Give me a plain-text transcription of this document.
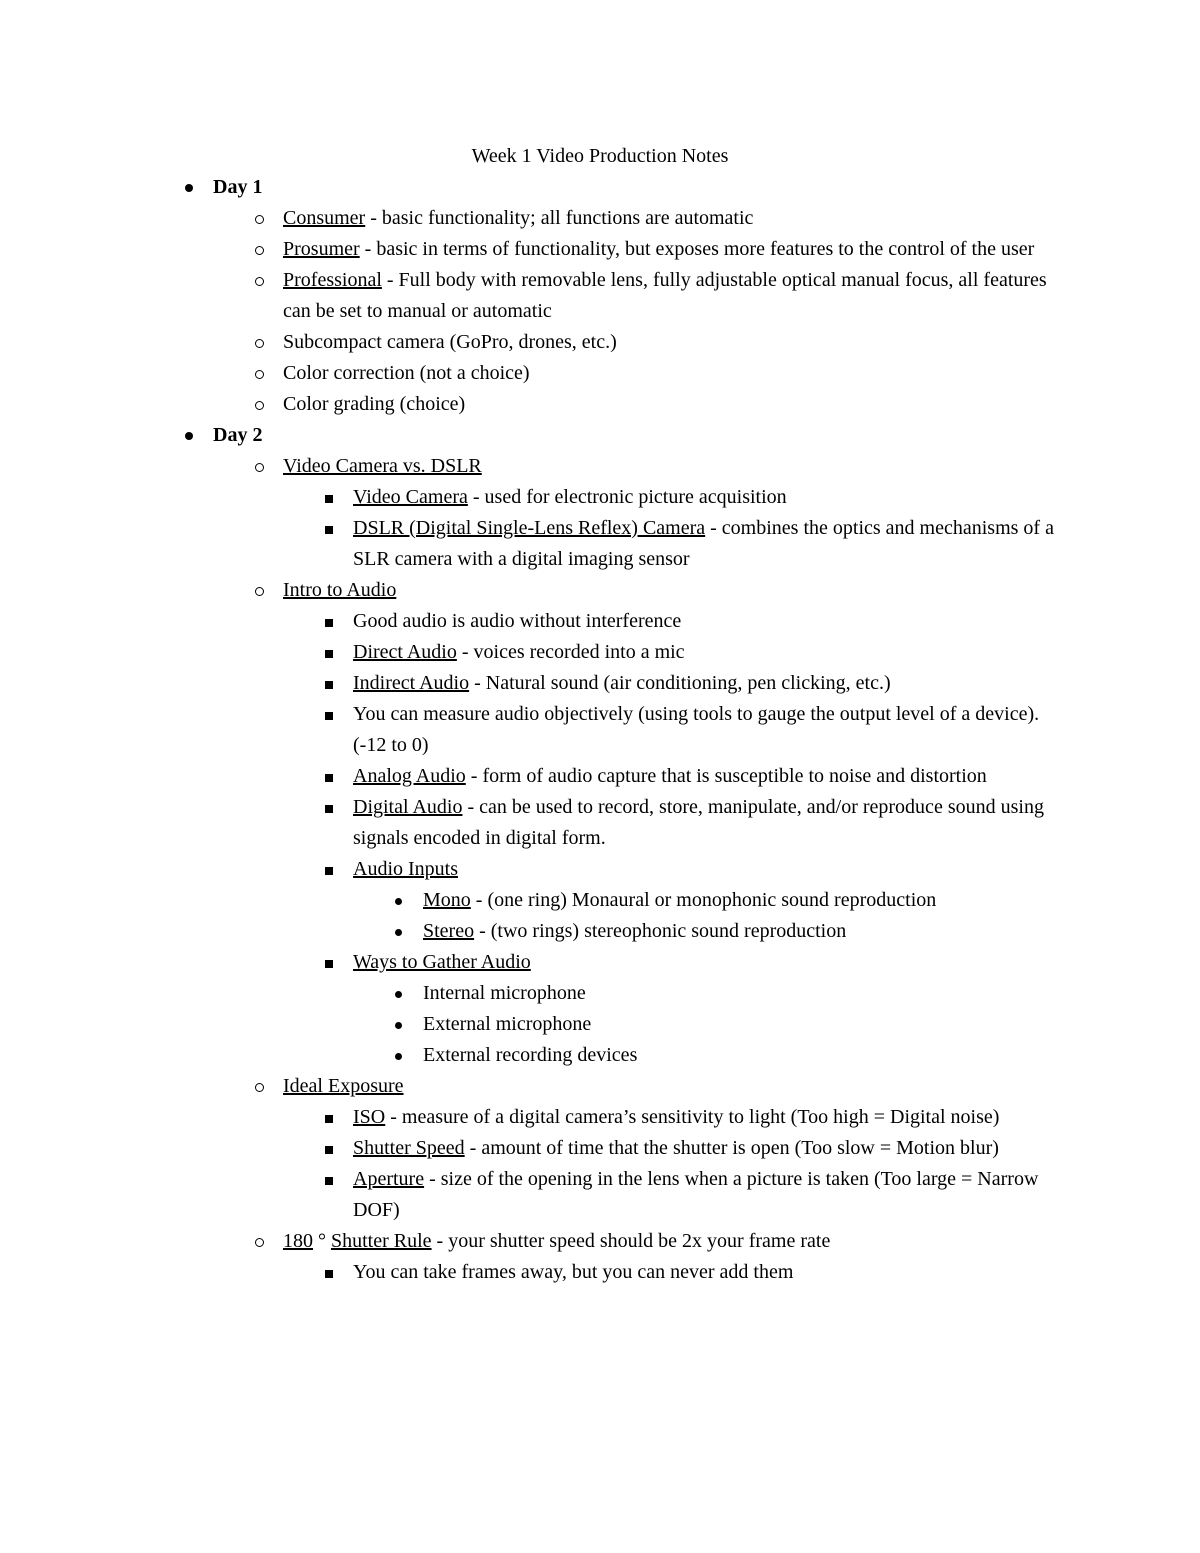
Week 1 Video Production Notes
Day 1
Consumer - basic functionality; all functions are automatic
Prosumer - basic in terms of functionality, but exposes more features to the control of the user
Professional - Full body with removable lens, fully adjustable optical manual focus, all features can be set to manual or automatic
Subcompact camera (GoPro, drones, etc.)
Color correction (not a choice)
Color grading (choice)
Day 2
Video Camera vs. DSLR
Video Camera - used for electronic picture acquisition
DSLR (Digital Single-Lens Reflex) Camera - combines the optics and mechanisms of a SLR camera with a digital imaging sensor
Intro to Audio
Good audio is audio without interference
Direct Audio - voices recorded into a mic
Indirect Audio - Natural sound (air conditioning, pen clicking, etc.)
You can measure audio objectively (using tools to gauge the output level of a device). (-12 to 0)
Analog Audio - form of audio capture that is susceptible to noise and distortion
Digital Audio - can be used to record, store, manipulate, and/or reproduce sound using signals encoded in digital form.
Audio Inputs
Mono - (one ring) Monaural or monophonic sound reproduction
Stereo - (two rings) stereophonic sound reproduction
Ways to Gather Audio
Internal microphone
External microphone
External recording devices
Ideal Exposure
ISO - measure of a digital camera’s sensitivity to light (Too high = Digital noise)
Shutter Speed - amount of time that the shutter is open (Too slow = Motion blur)
Aperture - size of the opening in the lens when a picture is taken (Too large = Narrow DOF)
180 ° Shutter Rule - your shutter speed should be 2x your frame rate
You can take frames away, but you can never add them
